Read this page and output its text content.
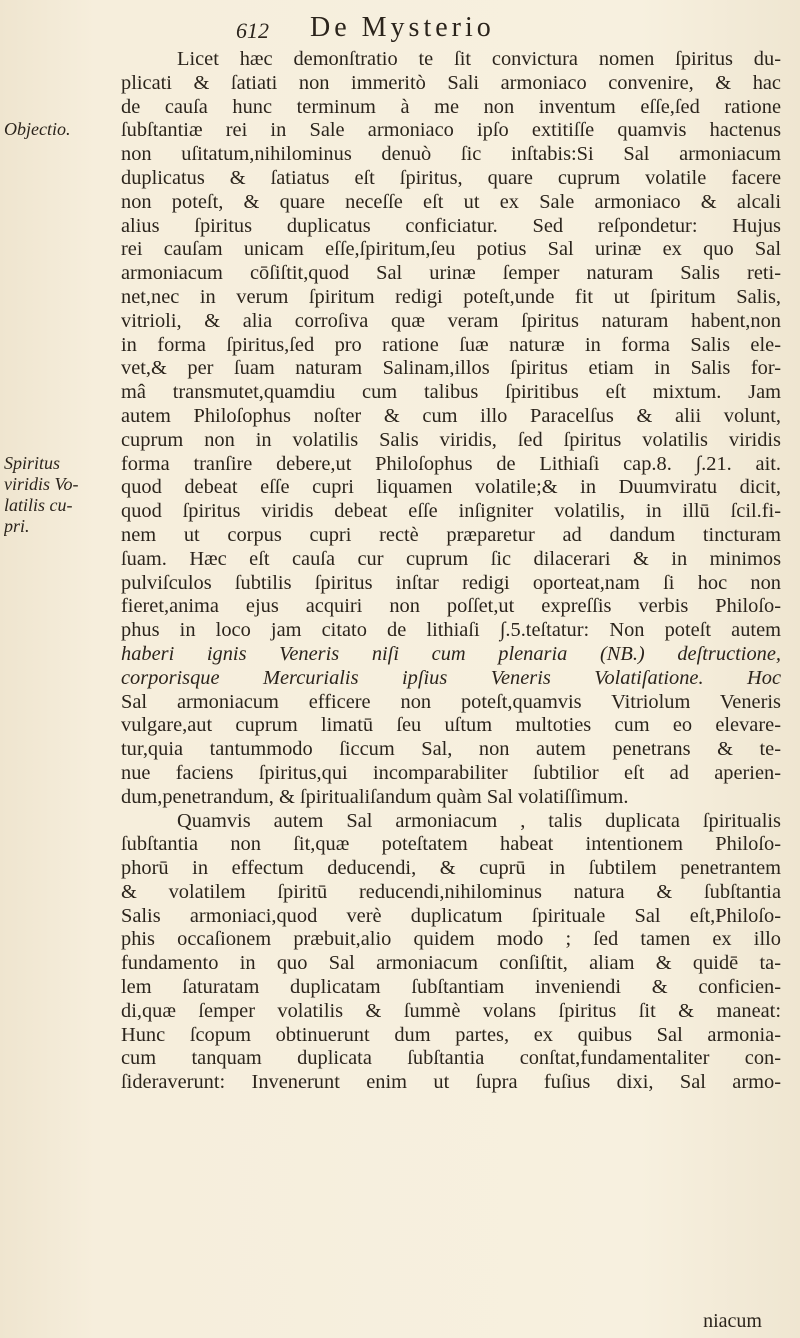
612 De Mysterio
Objectio.
Spiritus
viridis Vo-
latilis cu-
pri.
Licet hæc demonſtratio te ſit convictura nomen ſpiritus du-
plicati & ſatiati non immeritò Sali armoniaco convenire, & hac
de cauſa hunc terminum à me non inventum eſſe,ſed ratione
ſubſtantiæ rei in Sale armoniaco ipſo extitiſſe quamvis hactenus
non uſitatum,nihilominus denuò ſic inſtabis:Si Sal armoniacum
duplicatus & ſatiatus eſt ſpiritus, quare cuprum volatile facere
non poteſt, & quare neceſſe eſt ut ex Sale armoniaco & alcali
alius ſpiritus duplicatus conficiatur. Sed reſpondetur: Hujus
rei cauſam unicam eſſe,ſpiritum,ſeu potius Sal urinæ ex quo Sal
armoniacum cōſiſtit,quod Sal urinæ ſemper naturam Salis reti-
net,nec in verum ſpiritum redigi poteſt,unde fit ut ſpiritum Salis,
vitrioli, & alia corroſiva quæ veram ſpiritus naturam habent,non
in forma ſpiritus,ſed pro ratione ſuæ naturæ in forma Salis ele-
vet,& per ſuam naturam Salinam,illos ſpiritus etiam in Salis for-
mâ transmutet,quamdiu cum talibus ſpiritibus eſt mixtum. Jam
autem Philoſophus noſter & cum illo Paracelſus & alii volunt,
cuprum non in volatilis Salis viridis, ſed ſpiritus volatilis viridis
forma tranſire debere,ut Philoſophus de Lithiaſi cap.8. ∫.21. ait.
quod debeat eſſe cupri liquamen volatile;& in Duumviratu dicit,
quod ſpiritus viridis debeat eſſe inſigniter volatilis, in illū ſcil.fi-
nem ut corpus cupri rectè præparetur ad dandum tincturam
ſuam. Hæc eſt cauſa cur cuprum ſic dilacerari & in minimos
pulviſculos ſubtilis ſpiritus inſtar redigi oporteat,nam ſi hoc non
fieret,anima ejus acquiri non poſſet,ut expreſſis verbis Philoſo-
phus in loco jam citato de lithiaſi ∫.5.teſtatur: Non poteſt autem
haberi ignis Veneris niſi cum plenaria (NB.) deſtructione,
corporisque Mercurialis ipſius Veneris Volatiſatione. Hoc
Sal armoniacum efficere non poteſt,quamvis Vitriolum Veneris
vulgare,aut cuprum limatū ſeu uſtum multoties cum eo elevare-
tur,quia tantummodo ſiccum Sal, non autem penetrans & te-
nue faciens ſpiritus,qui incomparabiliter ſubtilior eſt ad aperien-
dum,penetrandum, & ſpiritualiſandum quàm Sal volatiſſimum.
Quamvis autem Sal armoniacum , talis duplicata ſpiritualis
ſubſtantia non ſit,quæ poteſtatem habeat intentionem Philoſo-
phorū in effectum deducendi, & cuprū in ſubtilem penetrantem
& volatilem ſpiritū reducendi,nihilominus natura & ſubſtantia
Salis armoniaci,quod verè duplicatum ſpirituale Sal eſt,Philoſo-
phis occaſionem præbuit,alio quidem modo ; ſed tamen ex illo
fundamento in quo Sal armoniacum conſiſtit, aliam & quidē ta-
lem ſaturatam duplicatam ſubſtantiam inveniendi & conficien-
di,quæ ſemper volatilis & ſummè volans ſpiritus ſit & maneat:
Hunc ſcopum obtinuerunt dum partes, ex quibus Sal armonia-
cum tanquam duplicata ſubſtantia conſtat,fundamentaliter con-
ſideraverunt: Invenerunt enim ut ſupra fuſius dixi, Sal armo-
niacum
